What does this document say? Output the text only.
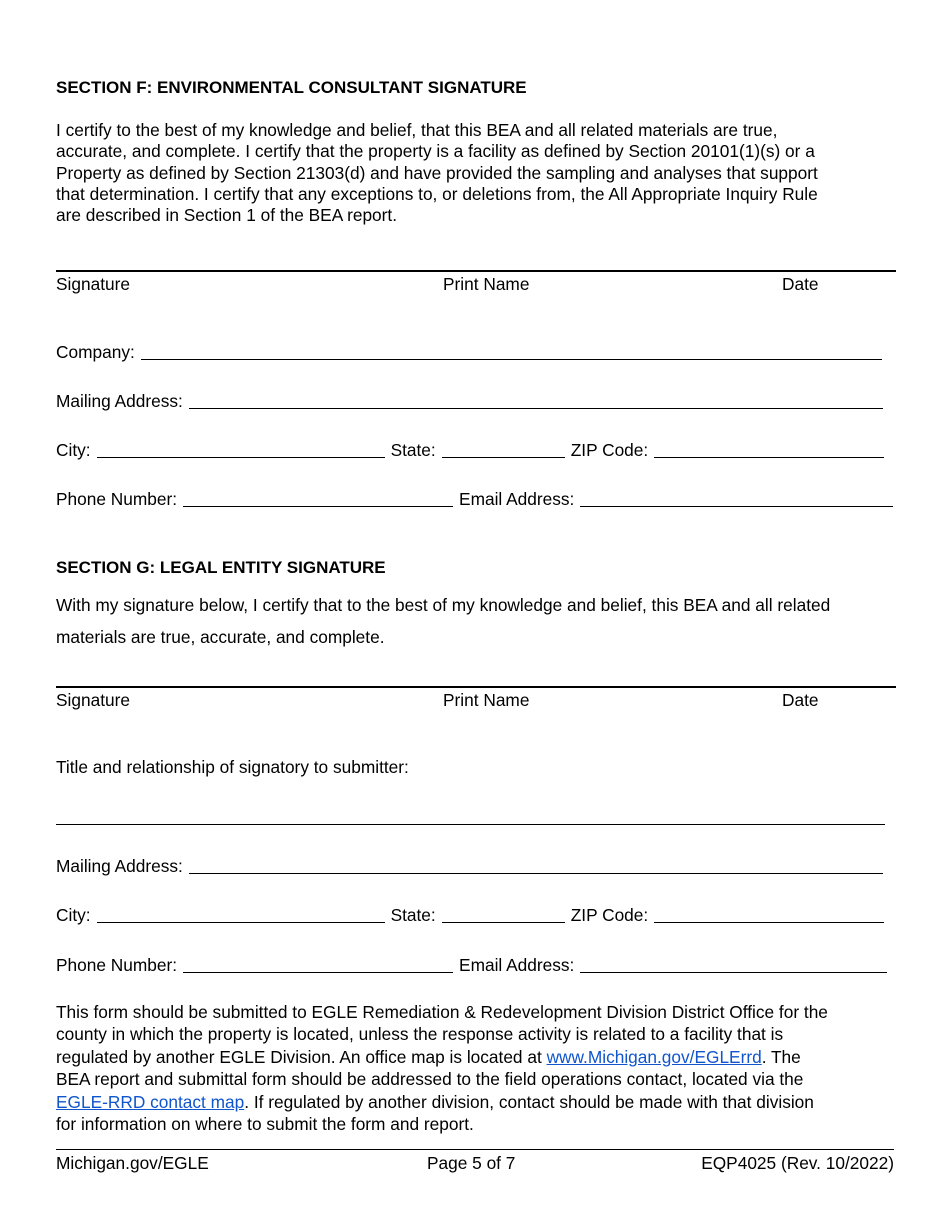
SECTION F: ENVIRONMENTAL CONSULTANT SIGNATURE
I certify to the best of my knowledge and belief, that this BEA and all related materials are true,
accurate, and complete. I certify that the property is a facility as defined by Section 20101(1)(s) or a
Property as defined by Section 21303(d) and have provided the sampling and analyses that support
that determination. I certify that any exceptions to, or deletions from, the All Appropriate Inquiry Rule
are described in Section 1 of the BEA report.
Signature	Print Name	Date
Company:
Mailing Address:
City:	State:	ZIP Code:
Phone Number:	Email Address:
SECTION G: LEGAL ENTITY SIGNATURE
With my signature below, I certify that to the best of my knowledge and belief, this BEA and all related
materials are true, accurate, and complete.
Signature	Print Name	Date
Title and relationship of signatory to submitter:
Mailing Address:
City:	State:	ZIP Code:
Phone Number:	Email Address:
This form should be submitted to EGLE Remediation & Redevelopment Division District Office for the
county in which the property is located, unless the response activity is related to a facility that is
regulated by another EGLE Division. An office map is located at www.Michigan.gov/EGLErrd. The
BEA report and submittal form should be addressed to the field operations contact, located via the
EGLE-RRD contact map. If regulated by another division, contact should be made with that division
for information on where to submit the form and report.
Michigan.gov/EGLE	Page 5 of 7	EQP4025 (Rev. 10/2022)
